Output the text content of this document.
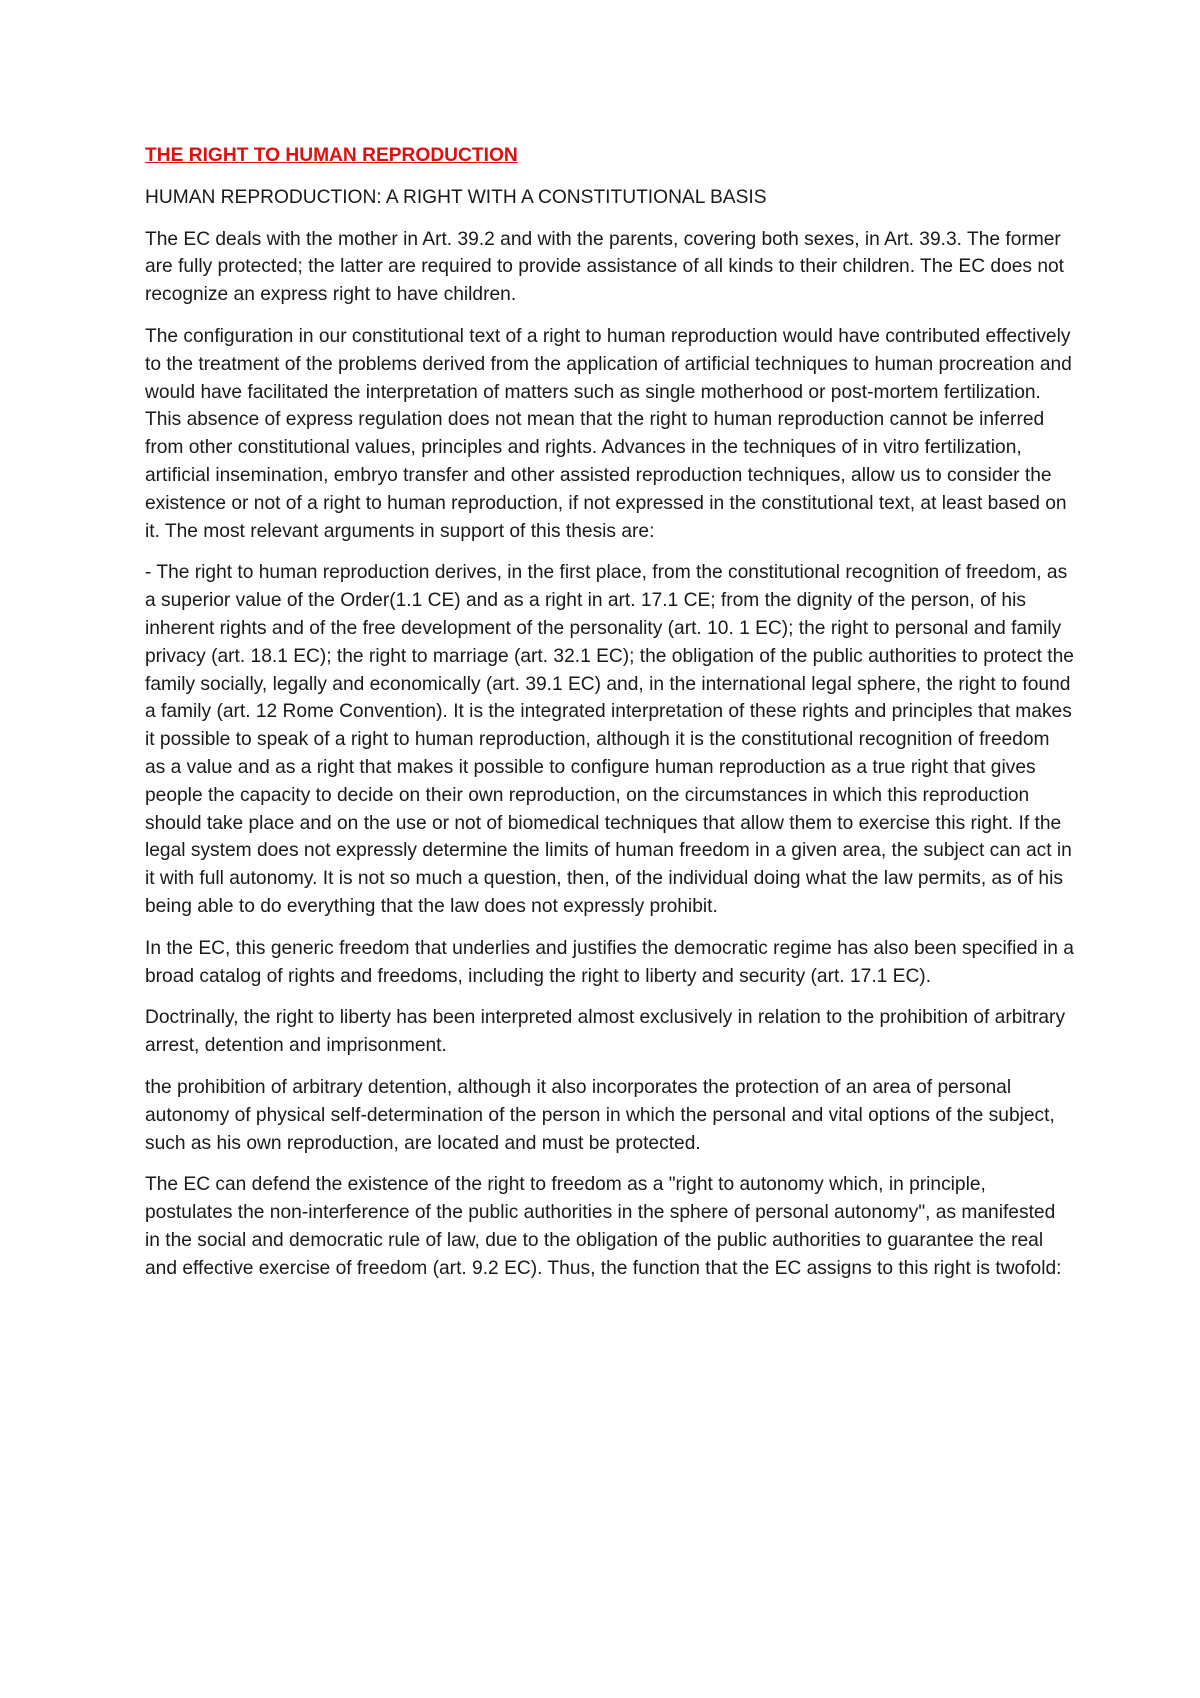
THE RIGHT TO HUMAN REPRODUCTION
HUMAN REPRODUCTION: A RIGHT WITH A CONSTITUTIONAL BASIS

The EC deals with the mother in Art. 39.2 and with the parents, covering both sexes, in Art. 39.3. The former are fully protected; the latter are required to provide assistance of all kinds to their children. The EC does not recognize an express right to have children.

The configuration in our constitutional text of a right to human reproduction would have contributed effectively to the treatment of the problems derived from the application of artificial techniques to human procreation and would have facilitated the interpretation of matters such as single motherhood or post-mortem fertilization. This absence of express regulation does not mean that the right to human reproduction cannot be inferred from other constitutional values, principles and rights. Advances in the techniques of in vitro fertilization, artificial insemination, embryo transfer and other assisted reproduction techniques, allow us to consider the existence or not of a right to human reproduction, if not expressed in the constitutional text, at least based on it. The most relevant arguments in support of this thesis are:

- The right to human reproduction derives, in the first place, from the constitutional recognition of freedom, as a superior value of the Order(1.1 CE) and as a right in art. 17.1 CE; from the dignity of the person, of his inherent rights and of the free development of the personality (art. 10. 1 EC); the right to personal and family privacy (art. 18.1 EC); the right to marriage (art. 32.1 EC); the obligation of the public authorities to protect the family socially, legally and economically (art. 39.1 EC) and, in the international legal sphere, the right to found a family (art. 12 Rome Convention). It is the integrated interpretation of these rights and principles that makes it possible to speak of a right to human reproduction, although it is the constitutional recognition of freedom as a value and as a right that makes it possible to configure human reproduction as a true right that gives people the capacity to decide on their own reproduction, on the circumstances in which this reproduction should take place and on the use or not of biomedical techniques that allow them to exercise this right. If the legal system does not expressly determine the limits of human freedom in a given area, the subject can act in it with full autonomy. It is not so much a question, then, of the individual doing what the law permits, as of his being able to do everything that the law does not expressly prohibit.

In the EC, this generic freedom that underlies and justifies the democratic regime has also been specified in a broad catalog of rights and freedoms, including the right to liberty and security (art. 17.1 EC).

Doctrinally, the right to liberty has been interpreted almost exclusively in relation to the prohibition of arbitrary arrest, detention and imprisonment.

the prohibition of arbitrary detention, although it also incorporates the protection of an area of personal autonomy of physical self-determination of the person in which the personal and vital options of the subject, such as his own reproduction, are located and must be protected.

The EC can defend the existence of the right to freedom as a "right to autonomy which, in principle, postulates the non-interference of the public authorities in the sphere of personal autonomy", as manifested in the social and democratic rule of law, due to the obligation of the public authorities to guarantee the real and effective exercise of freedom (art. 9.2 EC). Thus, the function that the EC assigns to this right is twofold:
